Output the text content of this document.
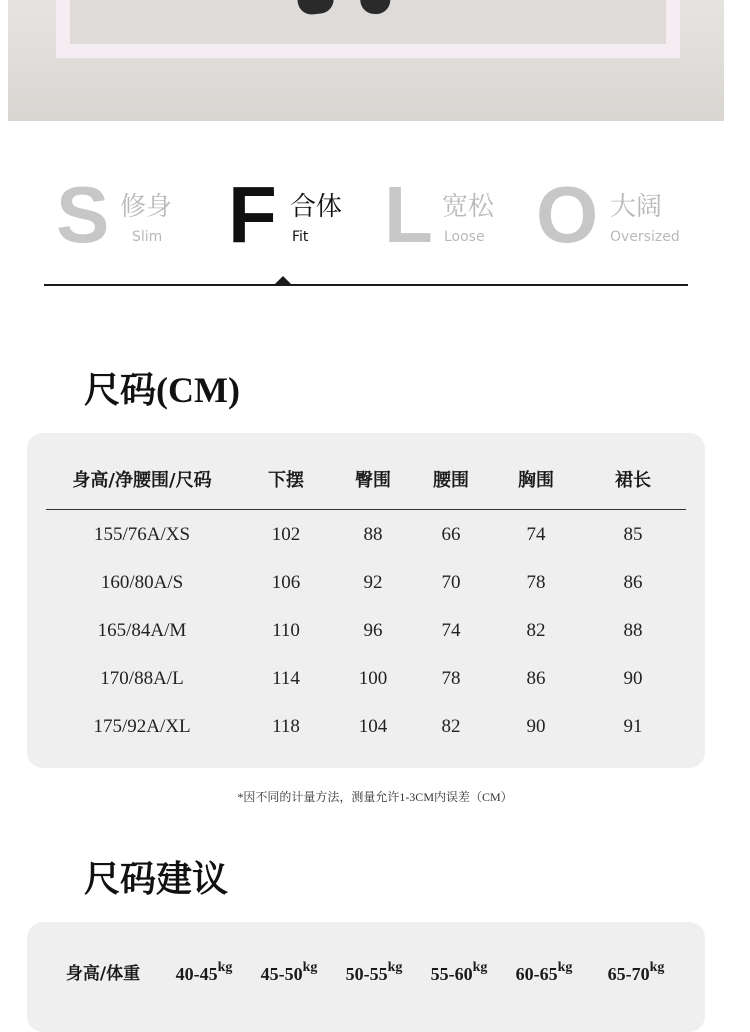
S 修身
Slim F 合体
Fit L 宽松
Loose O 大阔
Oversized
尺码(CM)
身高/净腰围/尺码	下摆	臀围	腰围	胸围	裙长
155/76A/XS	102	88	66	74	85
160/80A/S	106	92	70	78	86
165/84A/M	110	96	74	82	88
170/88A/L	114	100	78	86	90
175/92A/XL	118	104	82	90	91
*因不同的计量方法，测量允许1-3CM内误差（CM）
尺码建议
身高/体重	$40-45^{kg}$	$45-50^{kg}$	$50-55^{kg}$	$55-60^{kg}$	$60-65^{kg}$	$65-70^{kg}$
